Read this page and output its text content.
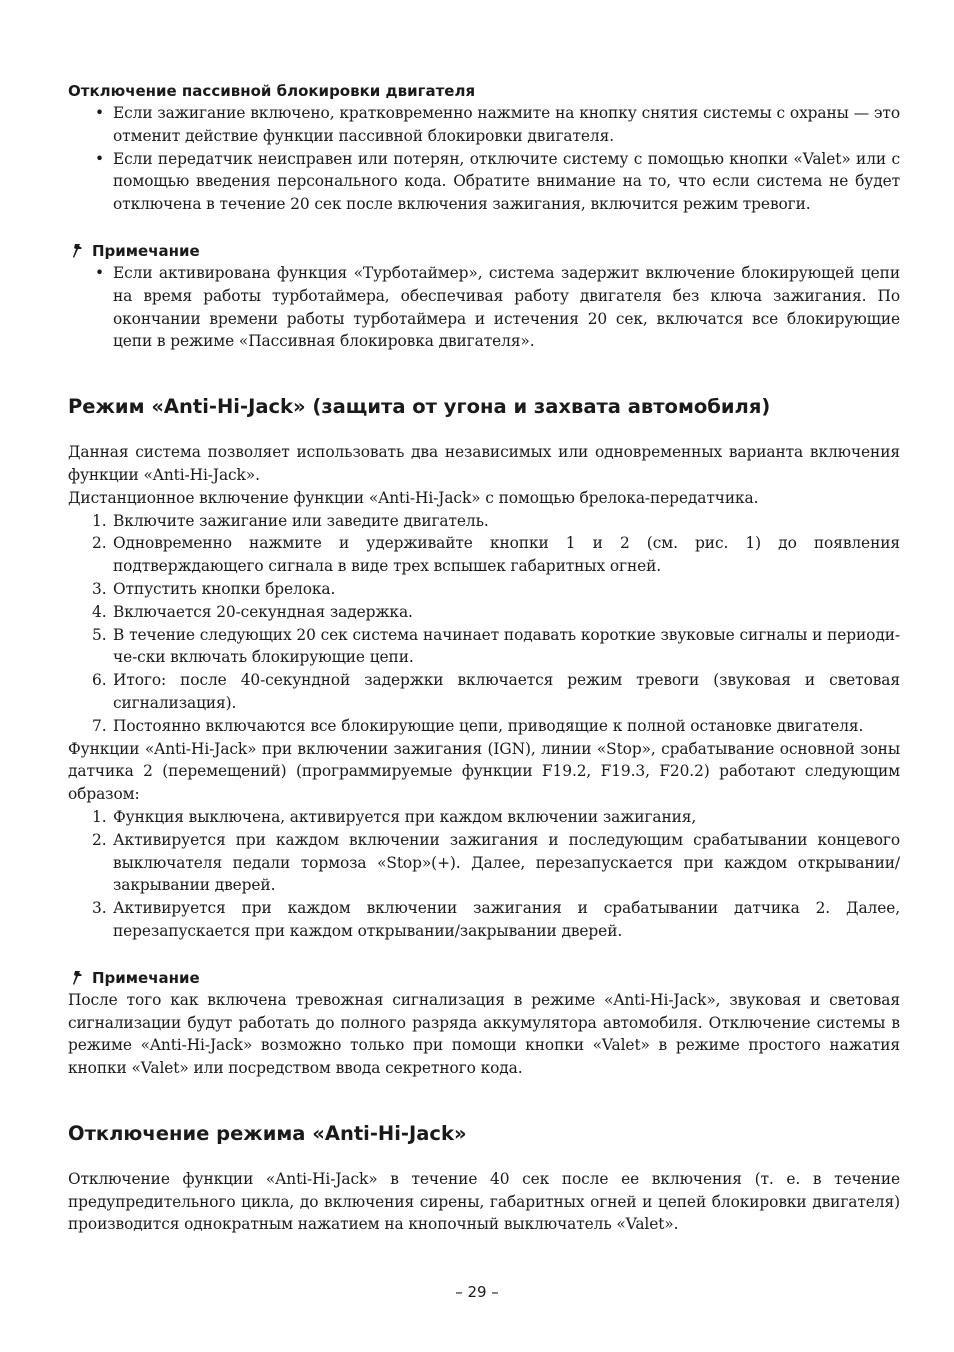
Отключение пассивной блокировки двигателя
• Если зажигание включено, кратковременно нажмите на кнопку снятия системы с охраны — это отменит действие функции пассивной блокировки двигателя.
• Если передатчик неисправен или потерян, отключите систему с помощью кнопки «Valet» или с помощью введения персонального кода. Обратите внимание на то, что если система не будет отключена в течение 20 сек после включения зажигания, включится режим тревоги.
Примечание
• Если активирована функция «Турботаймер», система задержит включение блокирующей цепи на время работы турботаймера, обеспечивая работу двигателя без ключа зажигания. По окончании времени работы турботаймера и истечения 20 сек, включатся все блокирующие цепи в режиме «Пассивная блокировка двигателя».
Режим «Anti-Hi-Jack» (защита от угона и захвата автомобиля)

Данная система позволяет использовать два независимых или одновременных варианта включения функции «Anti-Hi-Jack».

Дистанционное включение функции «Anti-Hi-Jack» с помощью брелока-передатчика.

1. Включите зажигание или заведите двигатель.
2. Одновременно нажмите и удерживайте кнопки 1 и 2 (см. рис. 1) до появления подтверждающего сигнала в виде трех вспышек габаритных огней.
3. Отпустить кнопки брелока.
4. Включается 20-секундная задержка.
5. В течение следующих 20 сек система начинает подавать короткие звуковые сигналы и периоди-че-ски включать блокирующие цепи.
6. Итого: после 40-секундной задержки включается режим тревоги (звуковая и световая сигнализация).
7. Постоянно включаются все блокирующие цепи, приводящие к полной остановке двигателя.

Функции «Anti-Hi-Jack» при включении зажигания (IGN), линии «Stop», срабатывание основной зоны датчика 2 (перемещений) (программируемые функции F19.2, F19.3, F20.2) работают следующим образом:

1. Функция выключена, активируется при каждом включении зажигания,
2. Активируется при каждом включении зажигания и последующим срабатывании концевого выключателя педали тормоза «Stop»(+). Далее, перезапускается при каждом открывании/закрывании дверей.
3. Активируется при каждом включении зажигания и срабатывании датчика 2. Далее, перезапускается при каждом открывании/закрывании дверей.
Примечание

После того как включена тревожная сигнализация в режиме «Anti-Hi-Jack», звуковая и световая сигнализации будут работать до полного разряда аккумулятора автомобиля. Отключение системы в режиме «Anti-Hi-Jack» возможно только при помощи кнопки «Valet» в режиме простого нажатия кнопки «Valet» или посредством ввода секретного кода.

Отключение режима «Anti-Hi-Jack»

Отключение функции «Anti-Hi-Jack» в течение 40 сек после ее включения (т. е. в течение предупредительного цикла, до включения сирены, габаритных огней и цепей блокировки двигателя) производится однократным нажатием на кнопочный выключатель «Valet».

– 29 –
